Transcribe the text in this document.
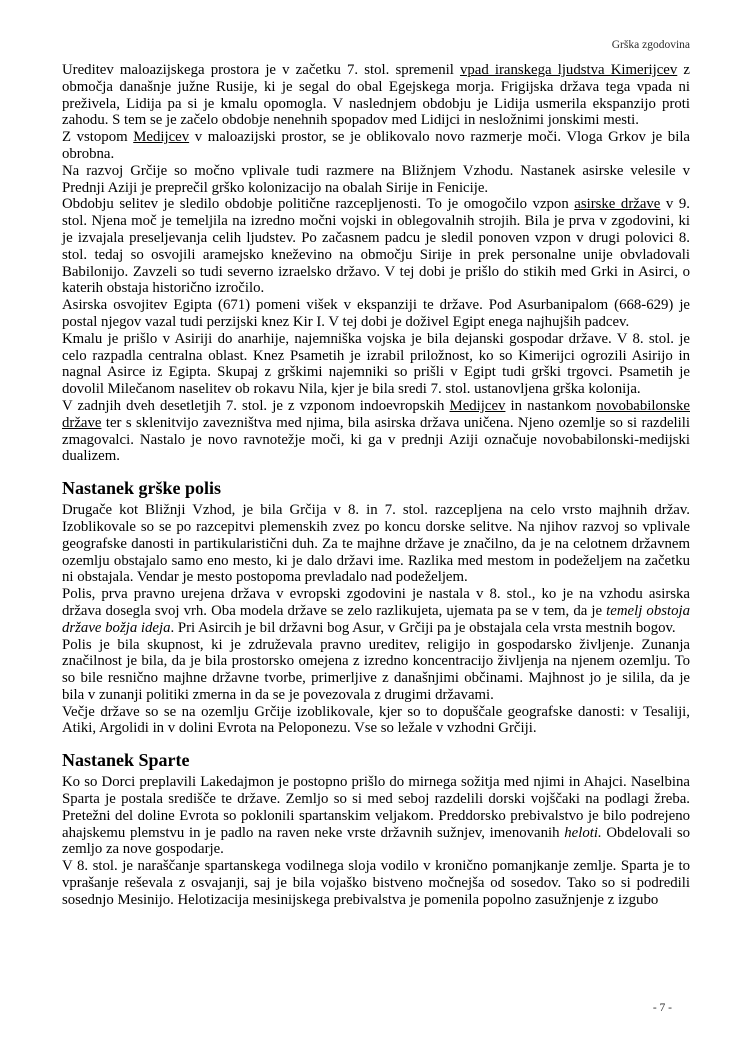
Grška zgodovina

Ureditev maloazijskega prostora je v začetku 7. stol. spremenil vpad iranskega ljudstva Kimerijcev z območja današnje južne Rusije, ki je segal do obal Egejskega morja. Frigijska država tega vpada ni preživela, Lidija pa si je kmalu opomogla. V naslednjem obdobju je Lidija usmerila ekspanzijo proti zahodu. S tem se je začelo obdobje nenehnih spopadov med Lidijci in nesložnimi jonskimi mesti.

Z vstopom Medijcev v maloazijski prostor, se je oblikovalo novo razmerje moči. Vloga Grkov je bila obrobna.

Na razvoj Grčije so močno vplivale tudi razmere na Bližnjem Vzhodu. Nastanek asirske velesile v Prednji Aziji je preprečil grško kolonizacijo na obalah Sirije in Fenicije.

Obdobju selitev je sledilo obdobje politične razcepljenosti. To je omogočilo vzpon asirske države v 9. stol. Njena moč je temeljila na izredno močni vojski in oblegovalnih strojih. Bila je prva v zgodovini, ki je izvajala preseljevanja celih ljudstev. Po začasnem padcu je sledil ponoven vzpon v drugi polovici 8. stol. tedaj so osvojili aramejsko kneževino na območju Sirije in prek personalne unije obvladovali Babilonijo. Zavzeli so tudi severno izraelsko državo. V tej dobi je prišlo do stikih med Grki in Asirci, o katerih obstaja historično izročilo.

Asirska osvojitev Egipta (671) pomeni višek v ekspanziji te države. Pod Asurbanipalom (668-629) je postal njegov vazal tudi perzijski knez Kir I. V tej dobi je doživel Egipt enega najhujših padcev.

Kmalu je prišlo v Asiriji do anarhije, najemniška vojska je bila dejanski gospodar države. V 8. stol. je celo razpadla centralna oblast. Knez Psametih je izrabil priložnost, ko so Kimerijci ogrozili Asirijo in nagnal Asirce iz Egipta. Skupaj z grškimi najemniki so prišli v Egipt tudi grški trgovci. Psametih je dovolil Milečanom naselitev ob rokavu Nila, kjer je bila sredi 7. stol. ustanovljena grška kolonija.

V zadnjih dveh desetletjih 7. stol. je z vzponom indoevropskih Medijcev in nastankom novobabilonske države ter s sklenitvijo zavezništva med njima, bila asirska država uničena. Njeno ozemlje so si razdelili zmagovalci. Nastalo je novo ravnotežje moči, ki ga v prednji Aziji označuje novobabilonski-medijski dualizem.

Nastanek grške polis

Drugače kot Bližnji Vzhod, je bila Grčija v 8. in 7. stol. razcepljena na celo vrsto majhnih držav. Izoblikovale so se po razcepitvi plemenskih zvez po koncu dorske selitve. Na njihov razvoj so vplivale geografske danosti in partikularistični duh. Za te majhne države je značilno, da je na celotnem državnem ozemlju obstajalo samo eno mesto, ki je dalo državi ime. Razlika med mestom in podeželjem na začetku ni obstajala. Vendar je mesto postopoma prevladalo nad podeželjem.

Polis, prva pravno urejena država v evropski zgodovini je nastala v 8. stol., ko je na vzhodu asirska država dosegla svoj vrh. Oba modela države se zelo razlikujeta, ujemata pa se v tem, da je temelj obstoja države božja ideja. Pri Asircih je bil državni bog Asur, v Grčiji pa je obstajala cela vrsta mestnih bogov.

Polis je bila skupnost, ki je združevala pravno ureditev, religijo in gospodarsko življenje. Zunanja značilnost je bila, da je bila prostorsko omejena z izredno koncentracijo življenja na njenem ozemlju. To so bile resnično majhne državne tvorbe, primerljive z današnjimi občinami. Majhnost jo je silila, da je bila v zunanji politiki zmerna in da se je povezovala z drugimi državami.

Večje države so se na ozemlju Grčije izoblikovale, kjer so to dopuščale geografske danosti: v Tesaliji, Atiki, Argolidi in v dolini Evrota na Peloponezu. Vse so ležale v vzhodni Grčiji.

Nastanek Sparte

Ko so Dorci preplavili Lakedajmon je postopno prišlo do mirnega sožitja med njimi in Ahajci. Naselbina Sparta je postala središče te države. Zemljo so si med seboj razdelili dorski vojščaki na podlagi žreba. Pretežni del doline Evrota so poklonili spartanskim veljakom. Preddorsko prebivalstvo je bilo podrejeno ahajskemu plemstvu in je padlo na raven neke vrste državnih sužnjev, imenovanih heloti. Obdelovali so zemljo za nove gospodarje.

V 8. stol. je naraščanje spartanskega vodilnega sloja vodilo v kronično pomanjkanje zemlje. Sparta je to vprašanje reševala z osvajanji, saj je bila vojaško bistveno močnejša od sosedov. Tako so si podredili sosednjo Mesinijo. Helotizacija mesinijskega prebivalstva je pomenila popolno zasužnjenje z izgubo

- 7 -
